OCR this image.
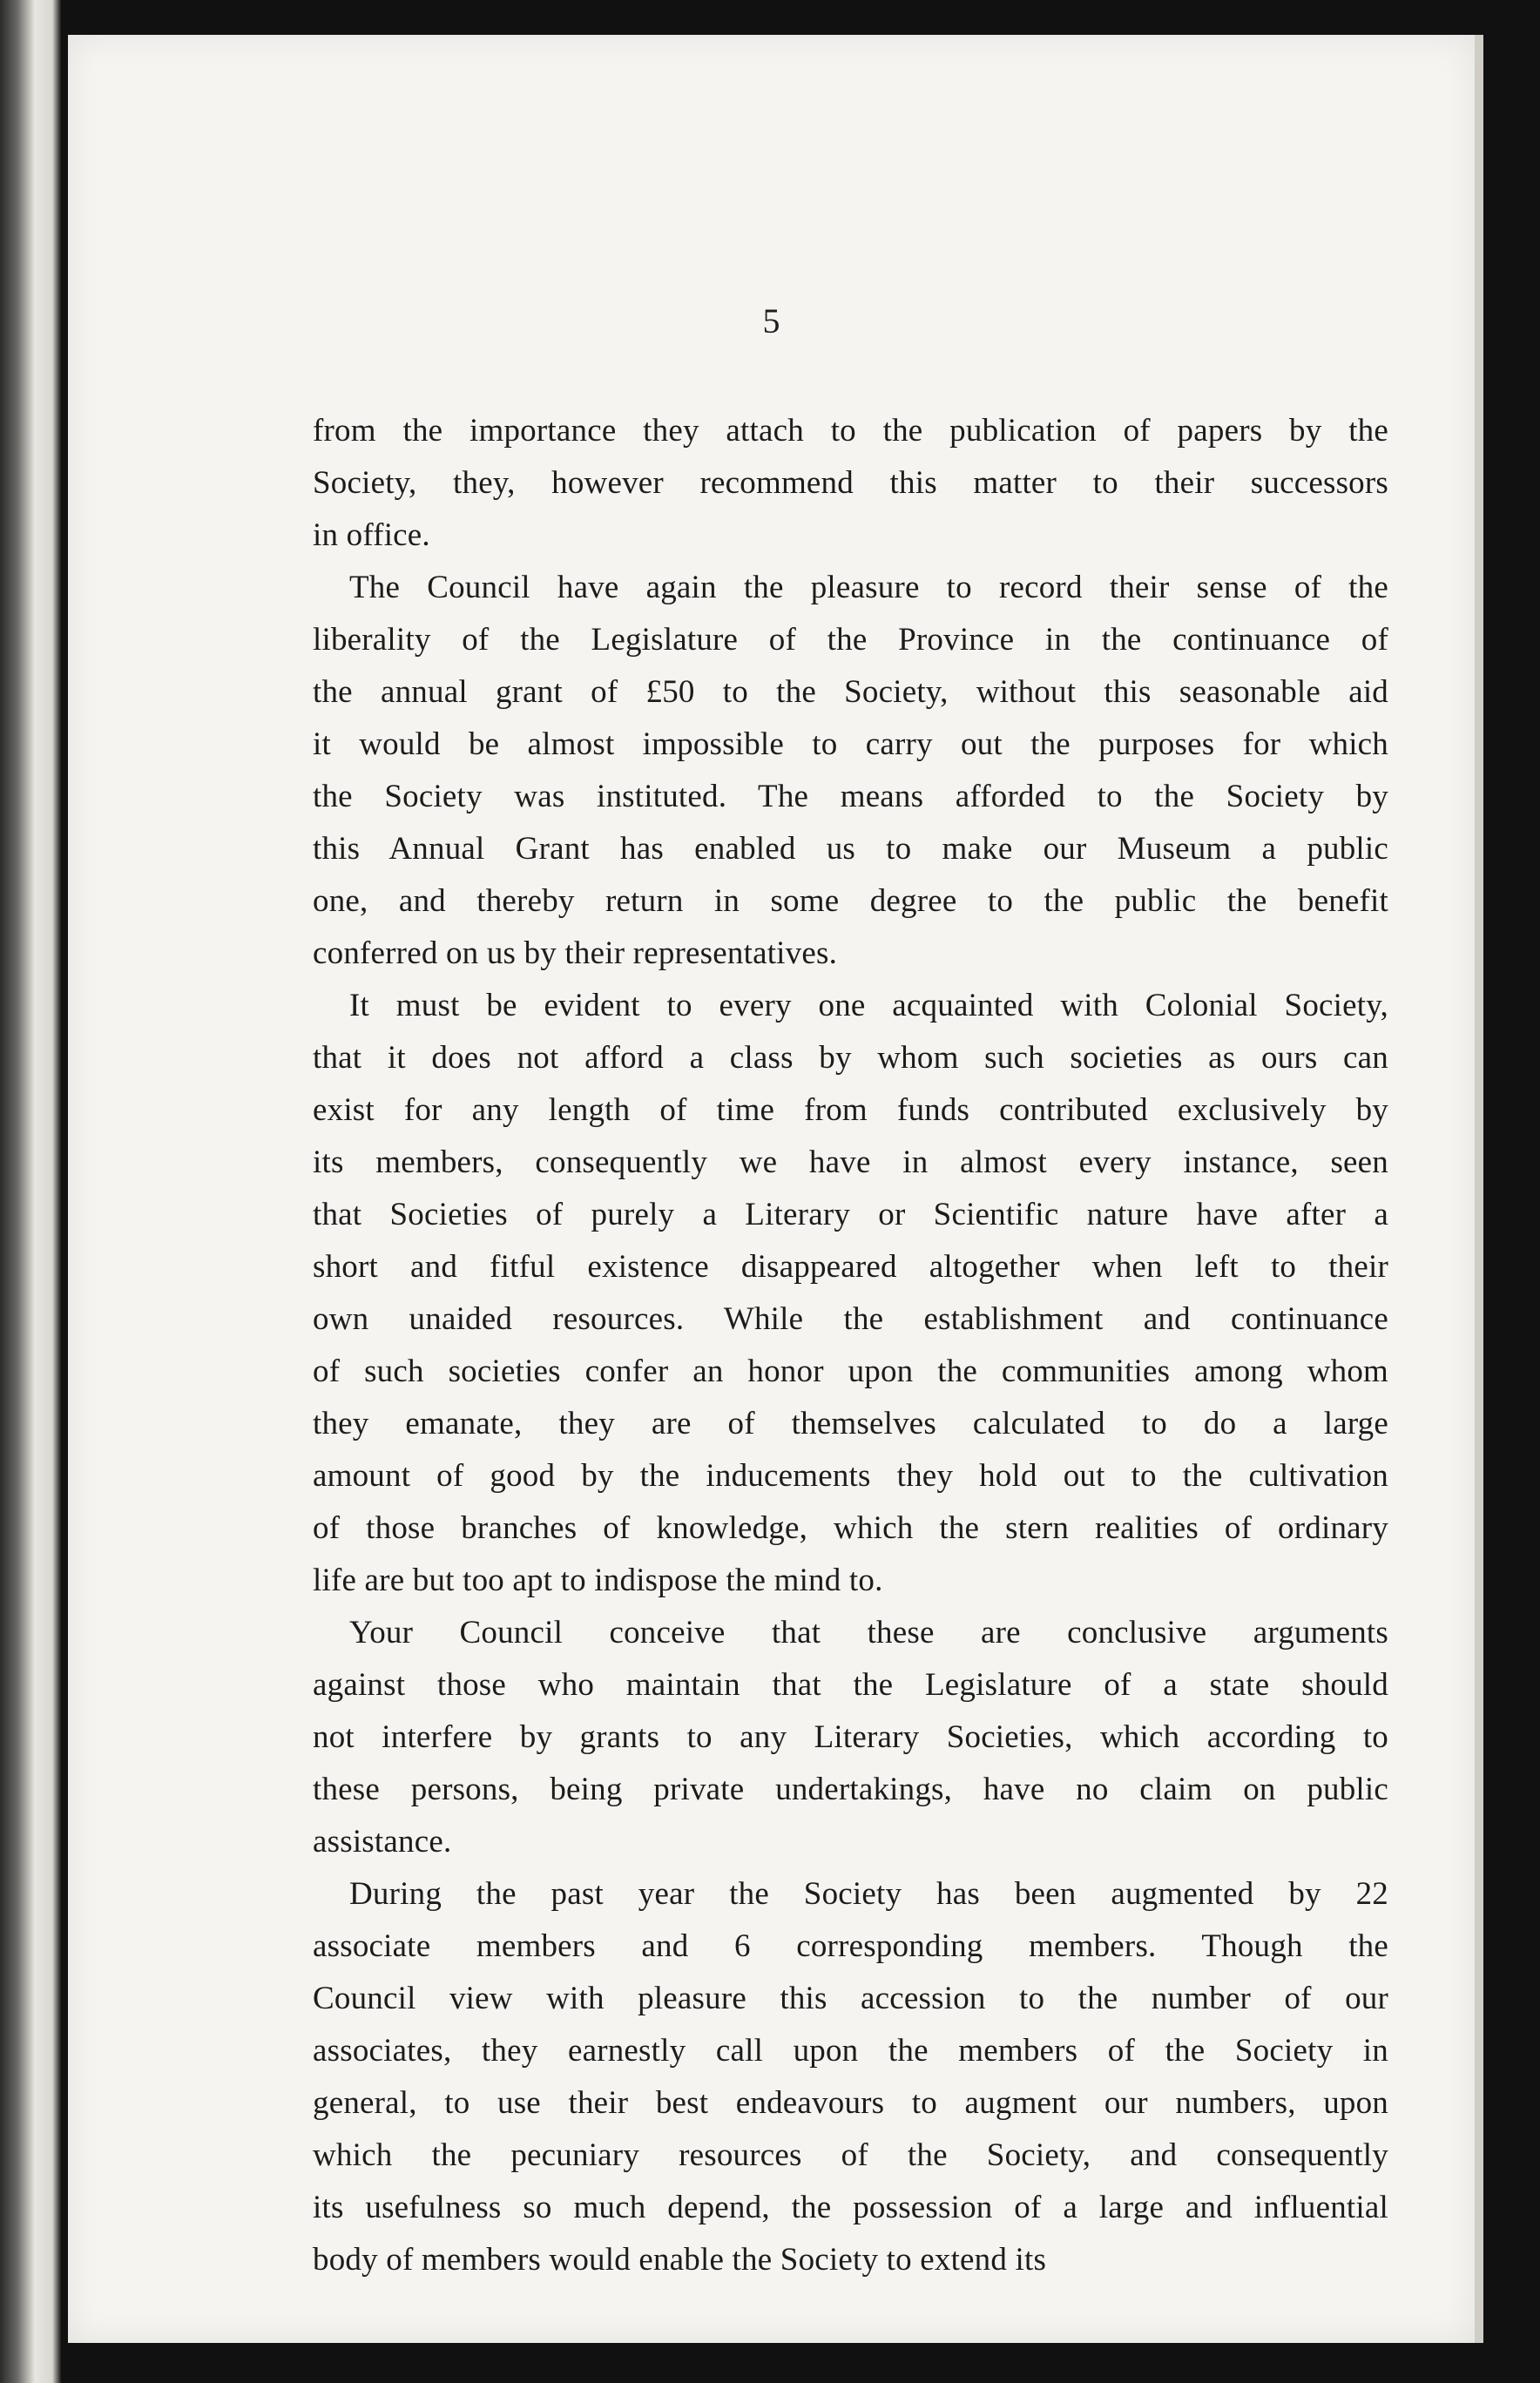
5
from the importance they attach to the publication of papers by the
Society, they, however recommend this matter to their successors
in office.
The Council have again the pleasure to record their sense of the
liberality of the Legislature of the Province in the continuance of
the annual grant of £50 to the Society, without this seasonable aid
it would be almost impossible to carry out the purposes for which
the Society was instituted. The means afforded to the Society by
this Annual Grant has enabled us to make our Museum a public
one, and thereby return in some degree to the public the benefit
conferred on us by their representatives.
It must be evident to every one acquainted with Colonial Society,
that it does not afford a class by whom such societies as ours can
exist for any length of time from funds contributed exclusively by
its members, consequently we have in almost every instance, seen
that Societies of purely a Literary or Scientific nature have after a
short and fitful existence disappeared altogether when left to their
own unaided resources. While the establishment and continuance
of such societies confer an honor upon the communities among whom
they emanate, they are of themselves calculated to do a large
amount of good by the inducements they hold out to the cultivation
of those branches of knowledge, which the stern realities of ordinary
life are but too apt to indispose the mind to.
Your Council conceive that these are conclusive arguments
against those who maintain that the Legislature of a state should
not interfere by grants to any Literary Societies, which according to
these persons, being private undertakings, have no claim on public
assistance.
During the past year the Society has been augmented by 22
associate members and 6 corresponding members. Though the
Council view with pleasure this accession to the number of our
associates, they earnestly call upon the members of the Society in
general, to use their best endeavours to augment our numbers, upon
which the pecuniary resources of the Society, and consequently
its usefulness so much depend, the possession of a large and influential
body of members would enable the Society to extend its
